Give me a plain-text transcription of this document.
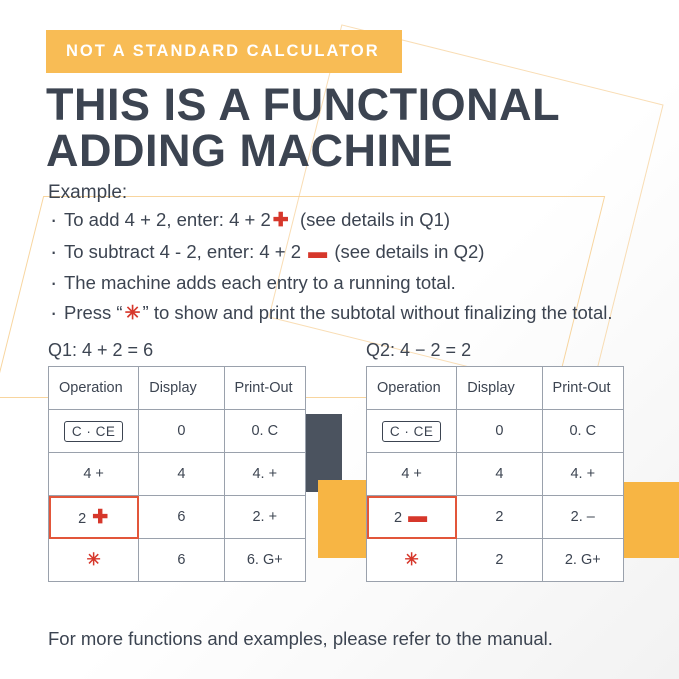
NOT A STANDARD CALCULATOR
THIS IS A FUNCTIONAL
ADDING MACHINE
Example:
· To add 4 + 2, enter: 4 + 2 ✚ (see details in Q1)
· To subtract 4 - 2, enter: 4 + 2 ▬ (see details in Q2)
· The machine adds each entry to a running total.
· Press “ ✳ ” to show and print the subtotal without finalizing the total.
Q1: 4 + 2 = 6	Q2: 4 − 2 = 2
Operation	Display	Print-Out
C · CE	0	0. C
4 +	4	4. +
2 ✚	6	2. +
✳	6	6. G+
Operation	Display	Print-Out
C · CE	0	0. C
4 +	4	4. +
2 ▬	2	2. –
✳	2	2. G+
For more functions and examples, please refer to the manual.
